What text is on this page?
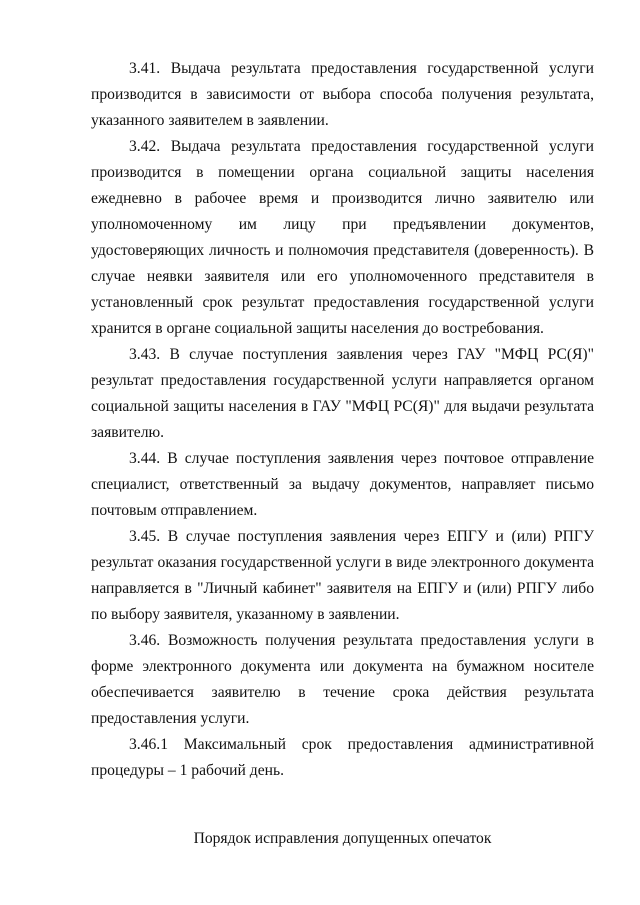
3.41. Выдача результата предоставления государственной услуги производится в зависимости от выбора способа получения результата, указанного заявителем в заявлении.

3.42. Выдача результата предоставления государственной услуги производится в помещении органа социальной защиты населения ежедневно в рабочее время и производится лично заявителю или уполномоченному им лицу при предъявлении документов, удостоверяющих личность и полномочия представителя (доверенность). В случае неявки заявителя или его уполномоченного представителя в установленный срок результат предоставления государственной услуги хранится в органе социальной защиты населения до востребования.

3.43. В случае поступления заявления через ГАУ "МФЦ РС(Я)" результат предоставления государственной услуги направляется органом социальной защиты населения в ГАУ "МФЦ РС(Я)" для выдачи результата заявителю.

3.44. В случае поступления заявления через почтовое отправление специалист, ответственный за выдачу документов, направляет письмо почтовым отправлением.

3.45. В случае поступления заявления через ЕПГУ и (или) РПГУ результат оказания государственной услуги в виде электронного документа направляется в "Личный кабинет" заявителя на ЕПГУ и (или) РПГУ либо по выбору заявителя, указанному в заявлении.

3.46. Возможность получения результата предоставления услуги в форме электронного документа или документа на бумажном носителе обеспечивается заявителю в течение срока действия результата предоставления услуги.

3.46.1 Максимальный срок предоставления административной процедуры – 1 рабочий день.

Порядок исправления допущенных опечаток
